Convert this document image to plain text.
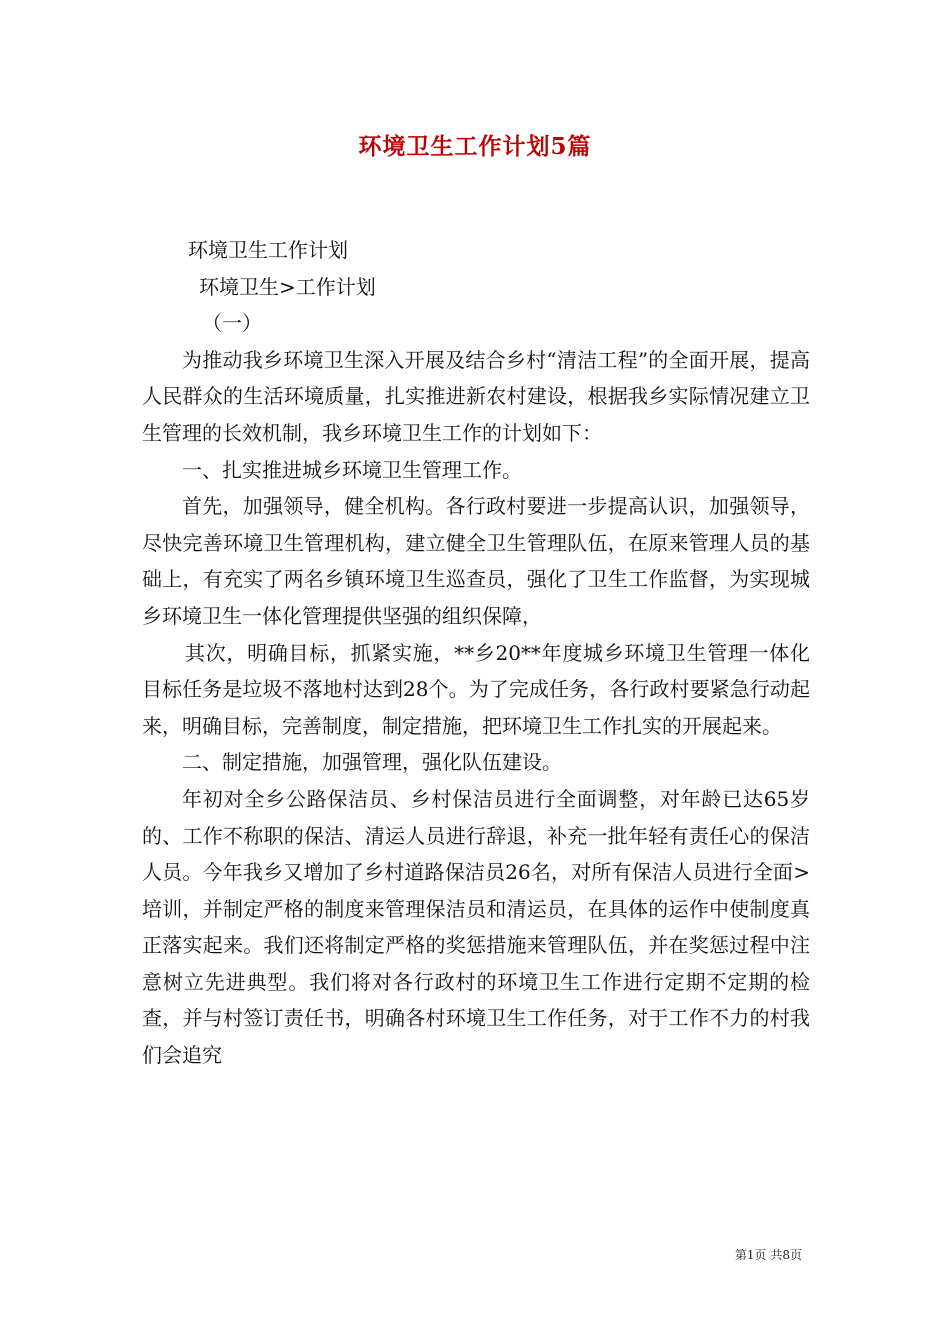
环境卫生工作计划5篇

环境卫生工作计划

环境卫生>工作计划

（一）

为推动我乡环境卫生深入开展及结合乡村“清洁工程”的全面开展，提高人民群众的生活环境质量，扎实推进新农村建设，根据我乡实际情况建立卫生管理的长效机制，我乡环境卫生工作的计划如下：

一、扎实推进城乡环境卫生管理工作。

首先，加强领导，健全机构。各行政村要进一步提高认识，加强领导，尽快完善环境卫生管理机构，建立健全卫生管理队伍，在原来管理人员的基础上，有充实了两名乡镇环境卫生巡查员，强化了卫生工作监督，为实现城乡环境卫生一体化管理提供坚强的组织保障，

其次，明确目标，抓紧实施，**乡20**年度城乡环境卫生管理一体化目标任务是垃圾不落地村达到28个。为了完成任务，各行政村要紧急行动起来，明确目标，完善制度，制定措施，把环境卫生工作扎实的开展起来。

二、制定措施，加强管理，强化队伍建设。

年初对全乡公路保洁员、乡村保洁员进行全面调整，对年龄已达65岁的、工作不称职的保洁、清运人员进行辞退，补充一批年轻有责任心的保洁人员。今年我乡又增加了乡村道路保洁员26名，对所有保洁人员进行全面>培训，并制定严格的制度来管理保洁员和清运员，在具体的运作中使制度真正落实起来。我们还将制定严格的奖惩措施来管理队伍，并在奖惩过程中注意树立先进典型。我们将对各行政村的环境卫生工作进行定期不定期的检查，并与村签订责任书，明确各村环境卫生工作任务，对于工作不力的村我们会追究

第1页 共8页
